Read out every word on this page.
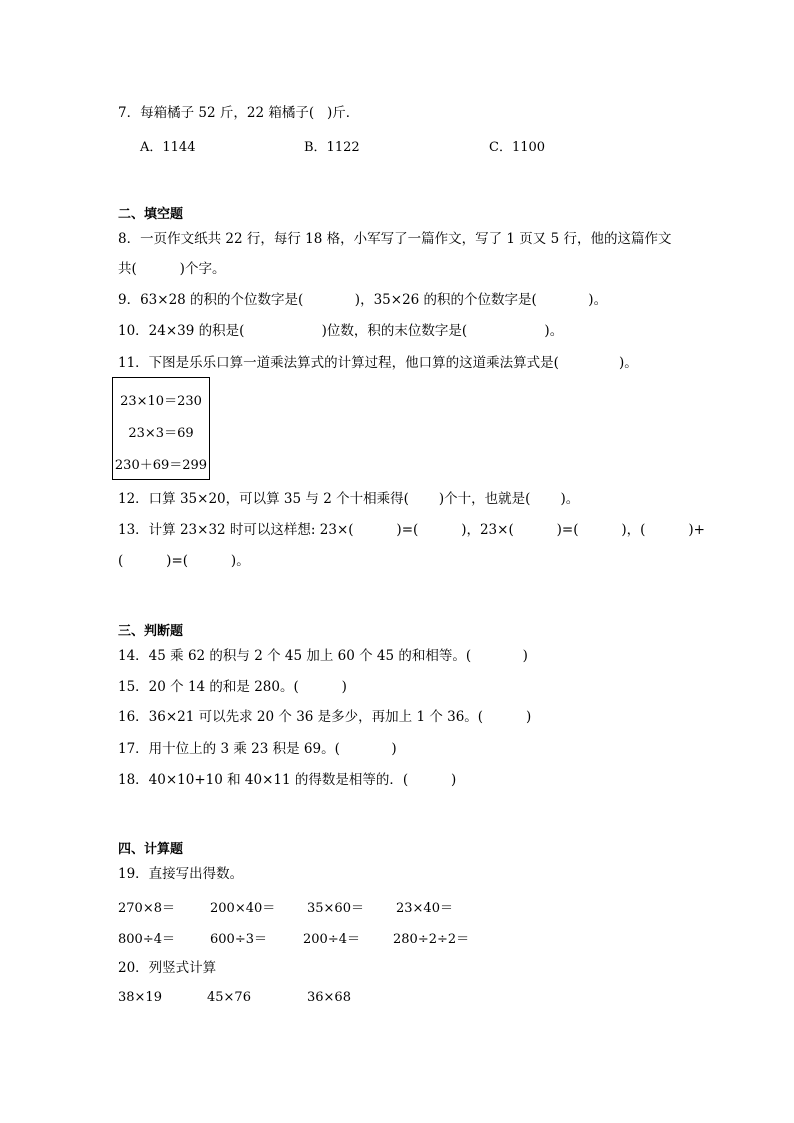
7．每箱橘子 52 斤，22 箱橘子(   )斤．
A．1144	B．1122	C．1100
二、填空题
8．一页作文纸共 22 行，每行 18 格，小军写了一篇作文，写了 1 页又 5 行，他的这篇作文
共(          )个字。
9．63×28 的积的个位数字是(            )，35×26 的积的个位数字是(            )。
10．24×39 的积是(                  )位数，积的末位数字是(                  )。
11．下图是乐乐口算一道乘法算式的计算过程，他口算的这道乘法算式是(              )。
23×10＝230
23×3＝69
230＋69＝299
12．口算 35×20，可以算 35 与 2 个十相乘得(       )个十，也就是(       )。
13．计算 23×32 时可以这样想: 23×(          )=(          )，23×(          )=(          )，(          )+
(          )=(          )。
三、判断题
14．45 乘 62 的积与 2 个 45 加上 60 个 45 的和相等。(            )
15．20 个 14 的和是 280。(          )
16．36×21 可以先求 20 个 36 是多少，再加上 1 个 36。(          )
17．用十位上的 3 乘 23 积是 69。(            )
18．40×10+10 和 40×11 的得数是相等的．(          )
四、计算题
19．直接写出得数。
270×8＝	200×40＝ 35×60＝ 23×40＝
800÷4＝	600÷3＝	200÷4＝	280÷2÷2＝
20．列竖式计算
38×19	45×76	36×68
